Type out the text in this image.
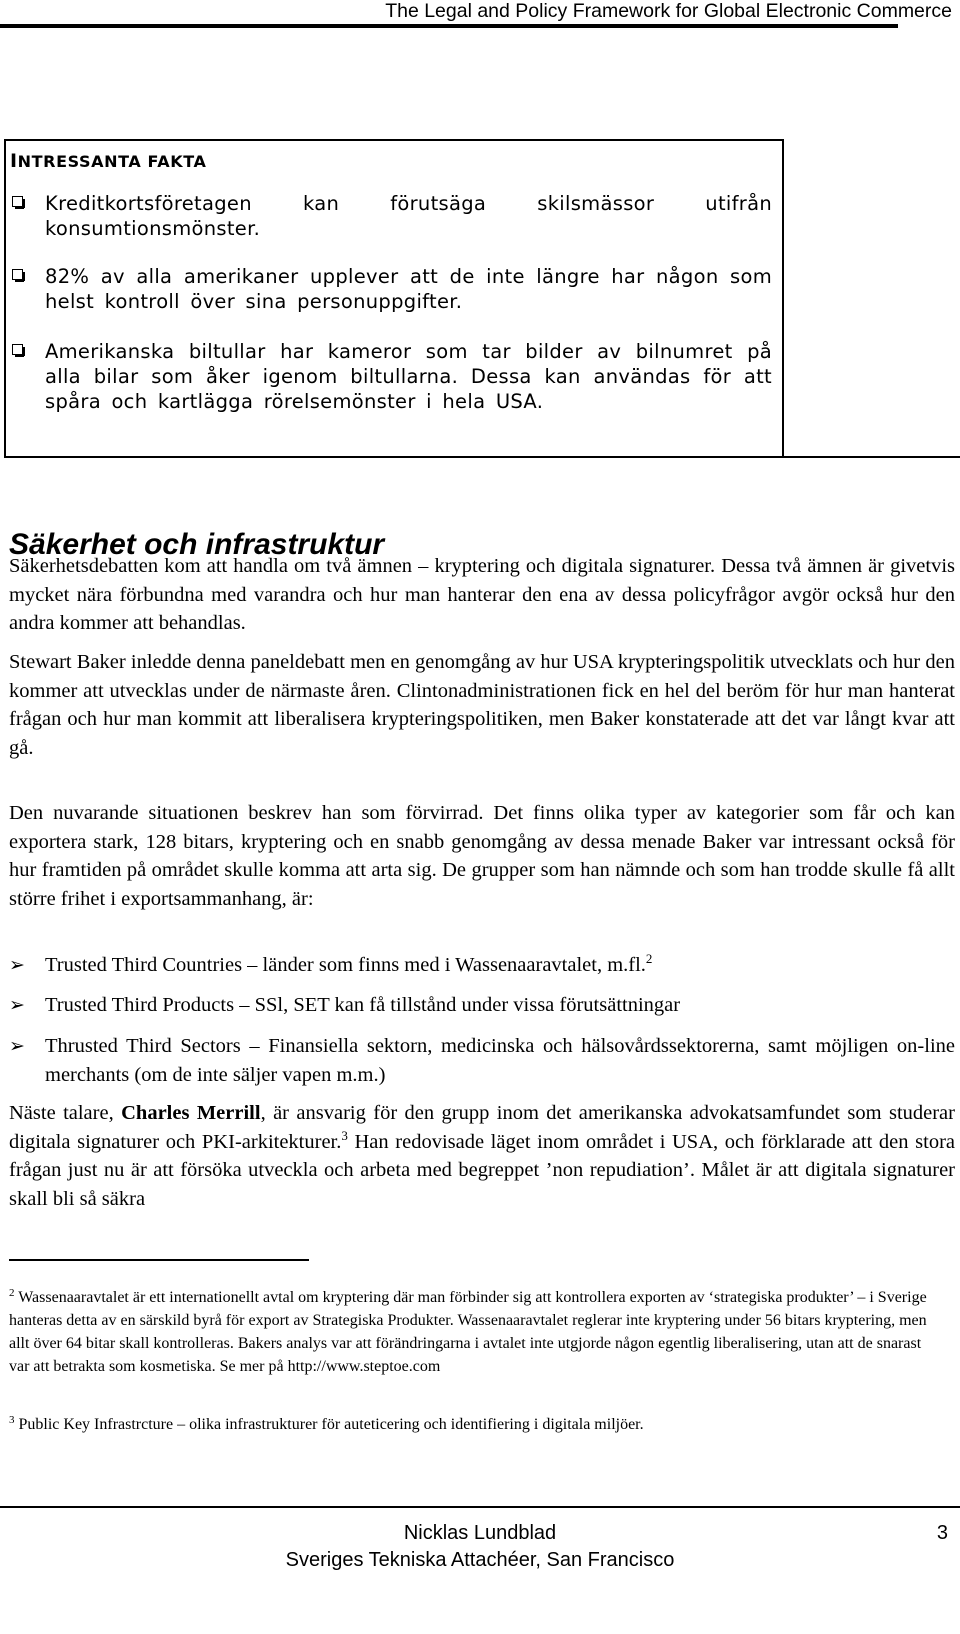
The Legal and Policy Framework for Global Electronic Commerce
INTRESSANTA FAKTA

Kreditkortsföretagen kan förutsäga skilsmässor utifrån konsumtionsmönster.

82% av alla amerikaner upplever att de inte längre har någon som helst kontroll över sina personuppgifter.

Amerikanska biltullar har kameror som tar bilder av bilnumret på alla bilar som åker igenom biltullarna. Dessa kan användas för att spåra och kartlägga rörelsemönster i hela USA.

Säkerhet och infrastruktur

Säkerhetsdebatten kom att handla om två ämnen – kryptering och digitala signaturer. Dessa två ämnen är givetvis mycket nära förbundna med varandra och hur man hanterar den ena av dessa policyfrågor avgör också hur den andra kommer att behandlas.

Stewart Baker inledde denna paneldebatt men en genomgång av hur USA krypteringspolitik utvecklats och hur den kommer att utvecklas under de närmaste åren. Clintonadministrationen fick en hel del beröm för hur man hanterat frågan och hur man kommit att liberalisera krypteringspolitiken, men Baker konstaterade att det var långt kvar att gå.

Den nuvarande situationen beskrev han som förvirrad. Det finns olika typer av kategorier som får och kan exportera stark, 128 bitars, kryptering och en snabb genomgång av dessa menade Baker var intressant också för hur framtiden på området skulle komma att arta sig. De grupper som han nämnde och som han trodde skulle få allt större frihet i exportsammanhang, är:

➢ Trusted Third Countries – länder som finns med i Wassenaaravtalet, m.fl.$^2$

➢ Trusted Third Products – SSl, SET kan få tillstånd under vissa förutsättningar

➢ Thrusted Third Sectors – Finansiella sektorn, medicinska och hälsovårdssektorerna, samt möjligen on-line merchants (om de inte säljer vapen m.m.)

Näste talare, Charles Merrill, är ansvarig för den grupp inom det amerikanska advokatsamfundet som studerar digitala signaturer och PKI-arkitekturer.$^3$ Han redovisade läget inom området i USA, och förklarade att den stora frågan just nu är att försöka utveckla och arbeta med begreppet ’non repudiation’. Målet är att digitala signaturer skall bli så säkra

$^2$ Wassenaaravtalet är ett internationellt avtal om kryptering där man förbinder sig att kontrollera exporten av ‘strategiska produkter’ – i Sverige hanteras detta av en särskild byrå för export av Strategiska Produkter. Wassenaaravtalet reglerar inte kryptering under 56 bitars kryptering, men allt över 64 bitar skall kontrolleras. Bakers analys var att förändringarna i avtalet inte utgjorde någon egentlig liberalisering, utan att de snarast var att betrakta som kosmetiska. Se mer på http://www.steptoe.com

$^3$ Public Key Infrastrcture – olika infrastrukturer för auteticering och identifiering i digitala miljöer.

Nicklas Lundblad
Sveriges Tekniska Attachéer, San Francisco
3
